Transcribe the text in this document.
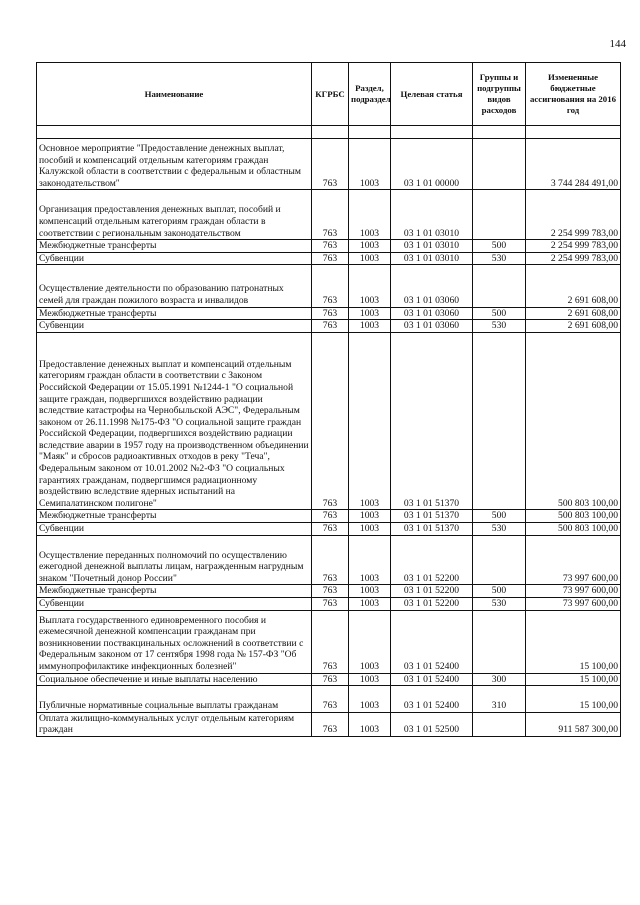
144
Наименование	КГРБС	Раздел, подраздел	Целевая статья	Группы и подгруппы видов расходов	Измененные бюджетные ассигнования на 2016 год

Основное мероприятие "Предоставление денежных выплат, пособий и компенсаций отдельным категориям граждан Калужской области в соответствии с федеральным и областным законодательством"	763	1003	03 1 01 00000		3 744 284 491,00
Организация предоставления денежных выплат, пособий и компенсаций отдельным категориям граждан области в соответствии с региональным законодательством	763	1003	03 1 01 03010		2 254 999 783,00
Межбюджетные трансферты	763	1003	03 1 01 03010	500	2 254 999 783,00
Субвенции	763	1003	03 1 01 03010	530	2 254 999 783,00
Осуществление деятельности по образованию патронатных семей для граждан пожилого возраста и инвалидов	763	1003	03 1 01 03060		2 691 608,00
Межбюджетные трансферты	763	1003	03 1 01 03060	500	2 691 608,00
Субвенции	763	1003	03 1 01 03060	530	2 691 608,00
Предоставление денежных выплат и компенсаций отдельным категориям граждан области в соответствии с Законом Российской Федерации от 15.05.1991 №1244-1 "О социальной защите граждан, подвергшихся воздействию радиации вследствие катастрофы на Чернобыльской АЭС", Федеральным законом от 26.11.1998 №175-ФЗ "О социальной защите граждан Российской Федерации, подвергшихся воздействию радиации вследствие аварии в 1957 году на производственном объединении "Маяк" и сбросов радиоактивных отходов в реку "Теча", Федеральным законом от 10.01.2002 №2-ФЗ "О социальных гарантиях гражданам, подвергшимся радиационному воздействию вследствие ядерных испытаний на Семипалатинском полигоне"	763	1003	03 1 01 51370		500 803 100,00
Межбюджетные трансферты	763	1003	03 1 01 51370	500	500 803 100,00
Субвенции	763	1003	03 1 01 51370	530	500 803 100,00
Осуществление переданных полномочий по осуществлению ежегодной денежной выплаты лицам, награжденным нагрудным знаком "Почетный донор России"	763	1003	03 1 01 52200		73 997 600,00
Межбюджетные трансферты	763	1003	03 1 01 52200	500	73 997 600,00
Субвенции	763	1003	03 1 01 52200	530	73 997 600,00
Выплата государственного единовременного пособия и ежемесячной денежной компенсации гражданам при возникновении поствакцинальных осложнений в соответствии с Федеральным законом от 17 сентября 1998 года № 157-ФЗ "Об иммунопрофилактике инфекционных болезней"	763	1003	03 1 01 52400		15 100,00
Социальное обеспечение и иные выплаты населению	763	1003	03 1 01 52400	300	15 100,00
Публичные нормативные социальные выплаты гражданам	763	1003	03 1 01 52400	310	15 100,00
Оплата жилищно-коммунальных услуг отдельным категориям граждан	763	1003	03 1 01 52500		911 587 300,00
